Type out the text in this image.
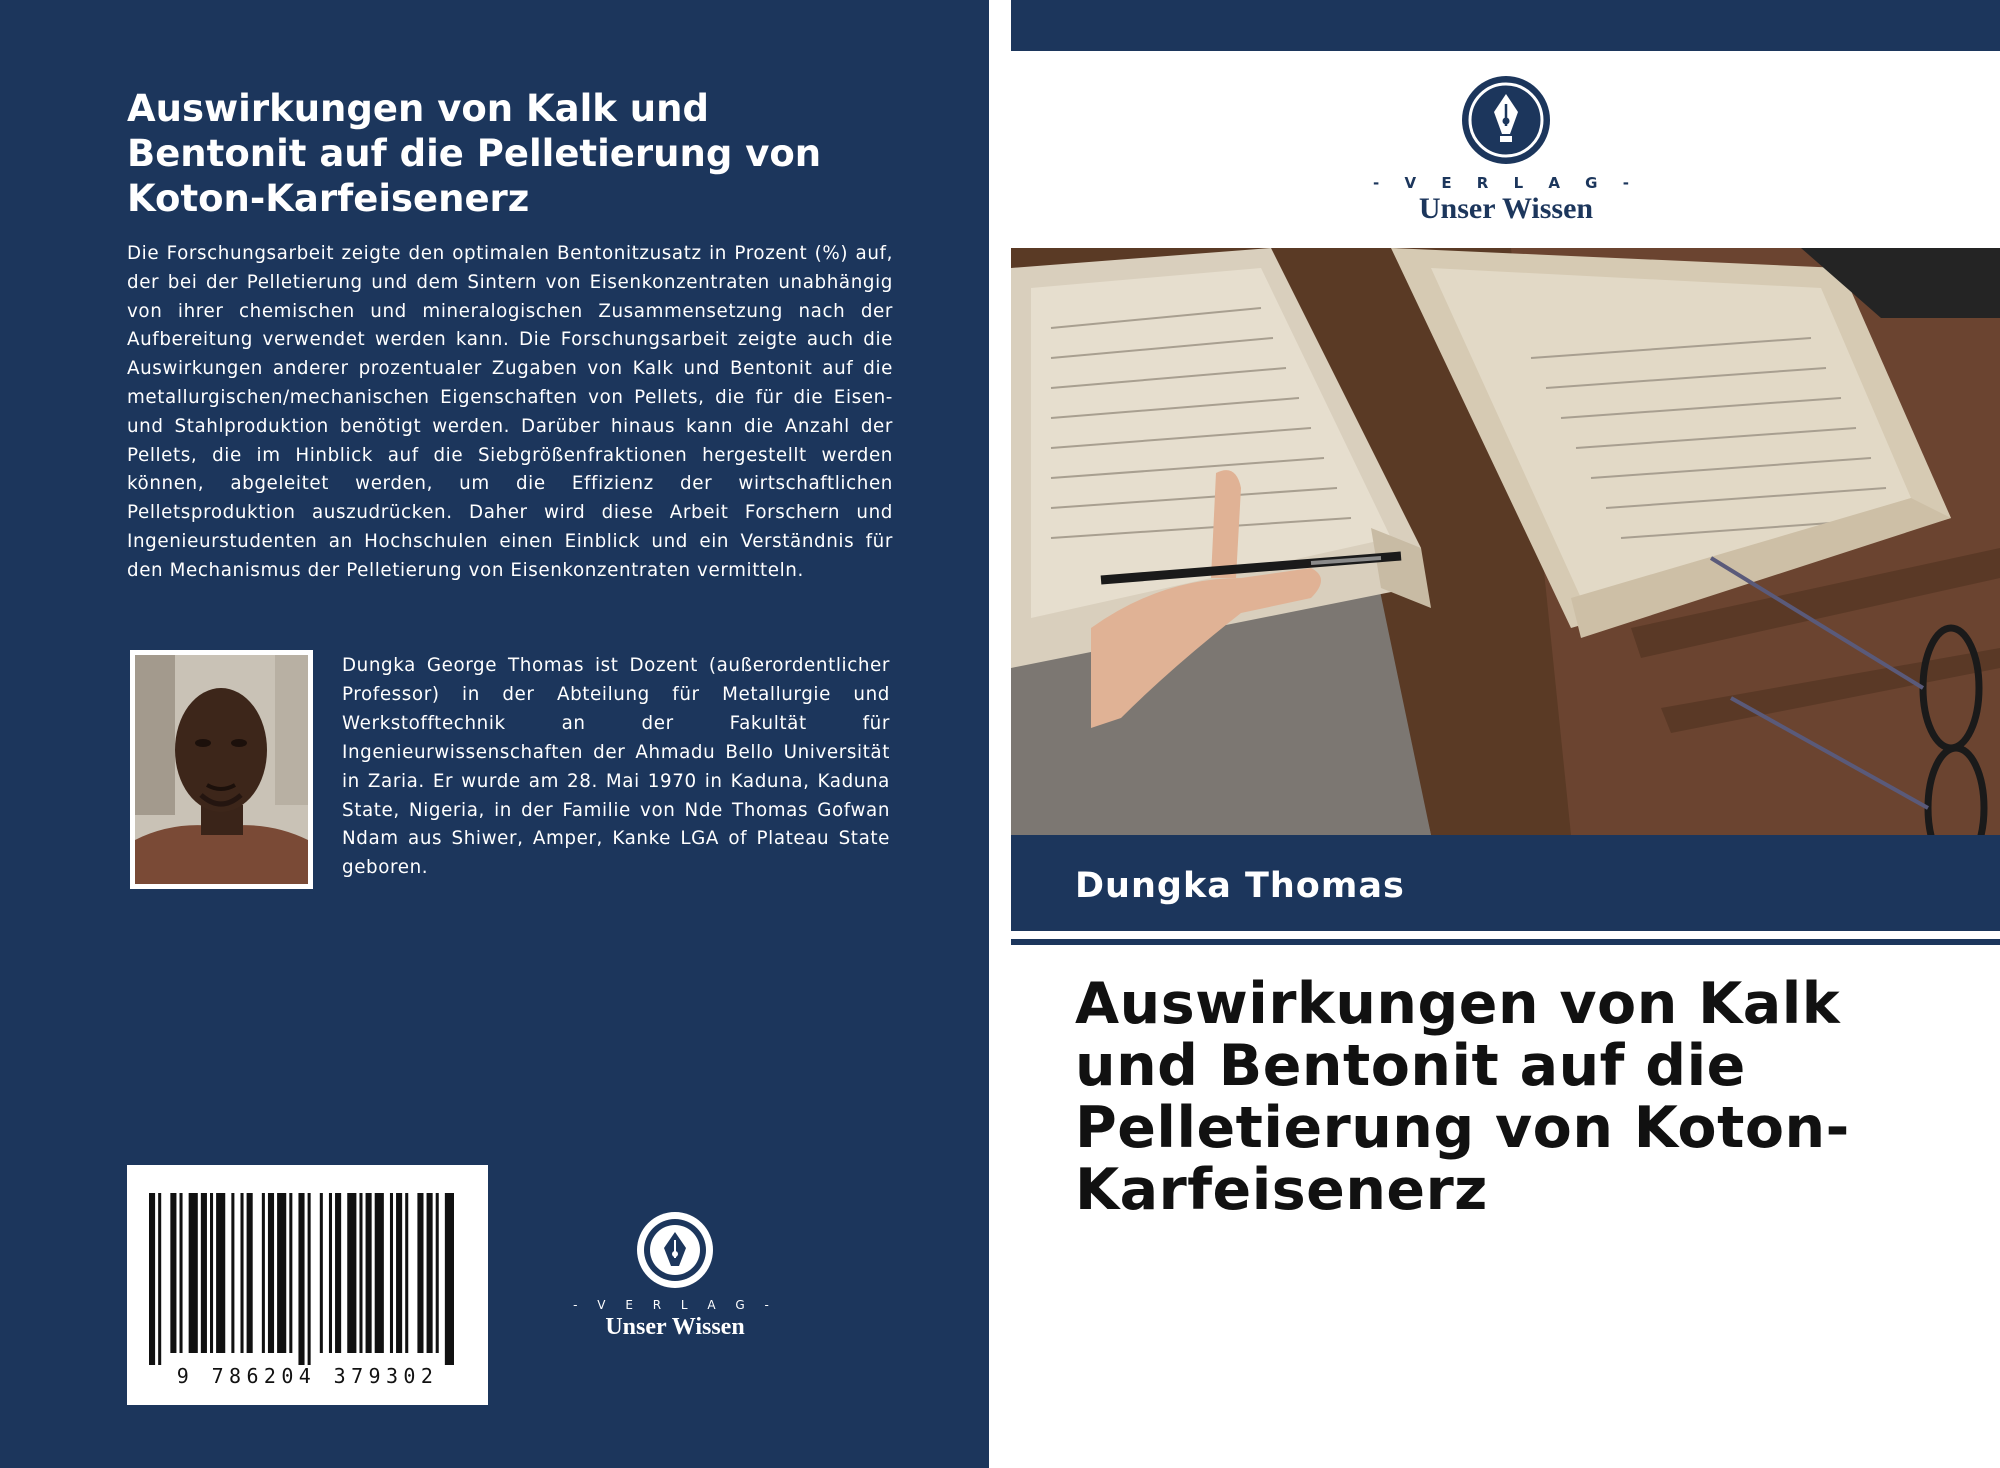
Auswirkungen von Kalk und Bentonit auf die Pelletierung von Koton-Karfeisenerz

Die Forschungsarbeit zeigte den optimalen Bentonitzusatz in Prozent (%) auf, der bei der Pelletierung und dem Sintern von Eisenkonzentraten unabhängig von ihrer chemischen und mineralogischen Zusammensetzung nach der Aufbereitung verwendet werden kann. Die Forschungsarbeit zeigte auch die Auswirkungen anderer prozentualer Zugaben von Kalk und Bentonit auf die metallurgischen/mechanischen Eigenschaften von Pellets, die für die Eisen- und Stahlproduktion benötigt werden. Darüber hinaus kann die Anzahl der Pellets, die im Hinblick auf die Siebgrößenfraktionen hergestellt werden können, abgeleitet werden, um die Effizienz der wirtschaftlichen Pelletsproduktion auszudrücken. Daher wird diese Arbeit Forschern und Ingenieurstudenten an Hochschulen einen Einblick und ein Verständnis für den Mechanismus der Pelletierung von Eisenkonzentraten vermitteln.

Dungka George Thomas ist Dozent (außerordentlicher Professor) in der Abteilung für Metallurgie und Werkstofftechnik an der Fakultät für Ingenieurwissenschaften der Ahmadu Bello Universität in Zaria. Er wurde am 28. Mai 1970 in Kaduna, Kaduna State, Nigeria, in der Familie von Nde Thomas Gofwan Ndam aus Shiwer, Amper, Kanke LGA of Plateau State geboren.

9 786204 379302
- V E R L A G -
Unser Wissen
- V E R L A G -
Unser Wissen
Dungka Thomas
Auswirkungen von Kalk und Bentonit auf die Pelletierung von Koton-Karfeisenerz
